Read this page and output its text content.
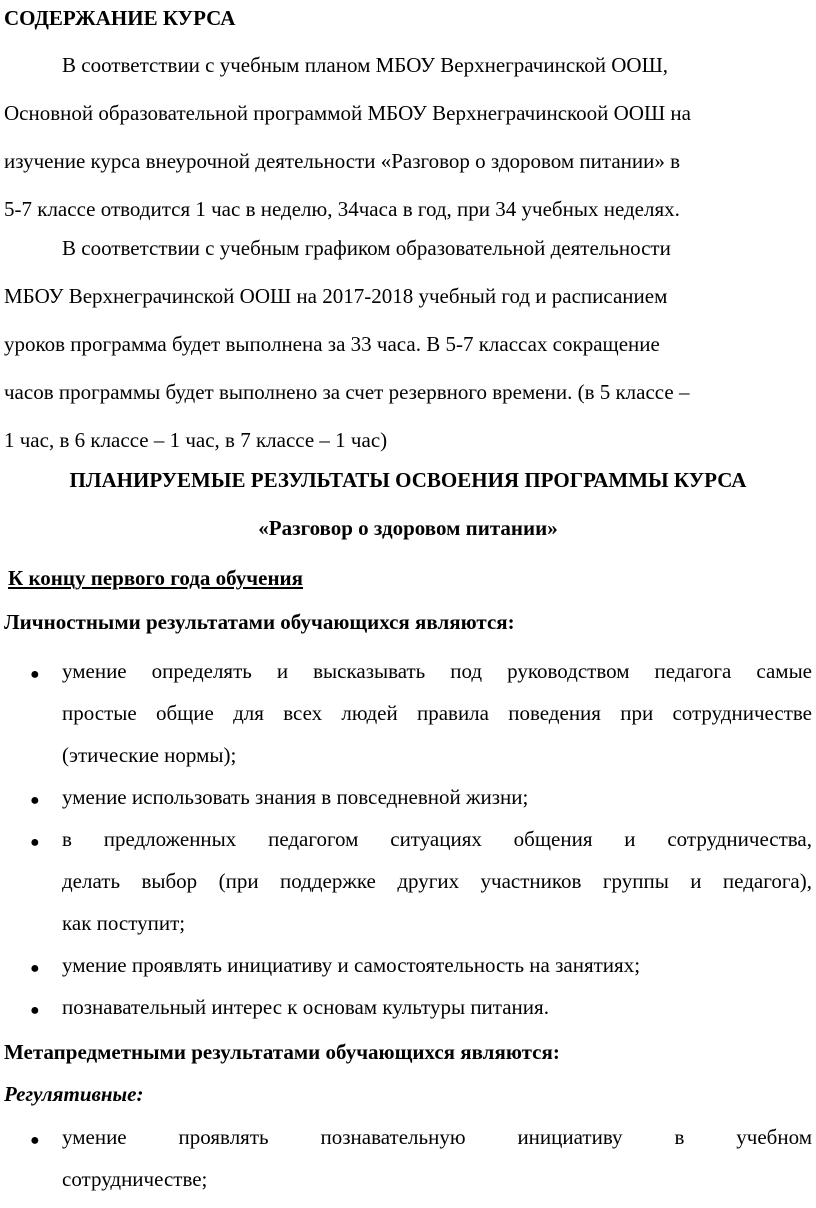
СОДЕРЖАНИЕ КУРСА
В соответствии с учебным планом МБОУ Верхнеграчинской ООШ,
Основной образовательной программой МБОУ Верхнеграчинскоой ООШ на
изучение курса внеурочной деятельности «Разговор о здоровом питании» в
5-7 классе отводится 1 час в неделю, 34часа в год, при 34 учебных неделях.
В соответствии с учебным графиком образовательной деятельности
МБОУ Верхнеграчинской ООШ на 2017-2018 учебный год и расписанием
уроков программа будет выполнена за 33 часа. В 5-7 классах сокращение
часов программы будет выполнено за счет резервного времени. (в 5 классе –
1 час, в 6 классе – 1 час, в 7 классе – 1 час)
ПЛАНИРУЕМЫЕ РЕЗУЛЬТАТЫ ОСВОЕНИЯ ПРОГРАММЫ КУРСА
«Разговор о здоровом питании»
К концу первого года обучения
Личностными результатами обучающихся являются:
● умение определять и высказывать под руководством педагога самые
простые общие для всех людей правила поведения при сотрудничестве
(этические нормы);
● умение использовать знания в повседневной жизни;
● в предложенных педагогом ситуациях общения и сотрудничества,
делать выбор (при поддержке других участников группы и педагога),
как поступит;
● умение проявлять инициативу и самостоятельность на занятиях;
● познавательный интерес к основам культуры питания.
Метапредметными результатами обучающихся являются:
Регулятивные:
● умение проявлять познавательную инициативу в учебном
сотрудничестве;
